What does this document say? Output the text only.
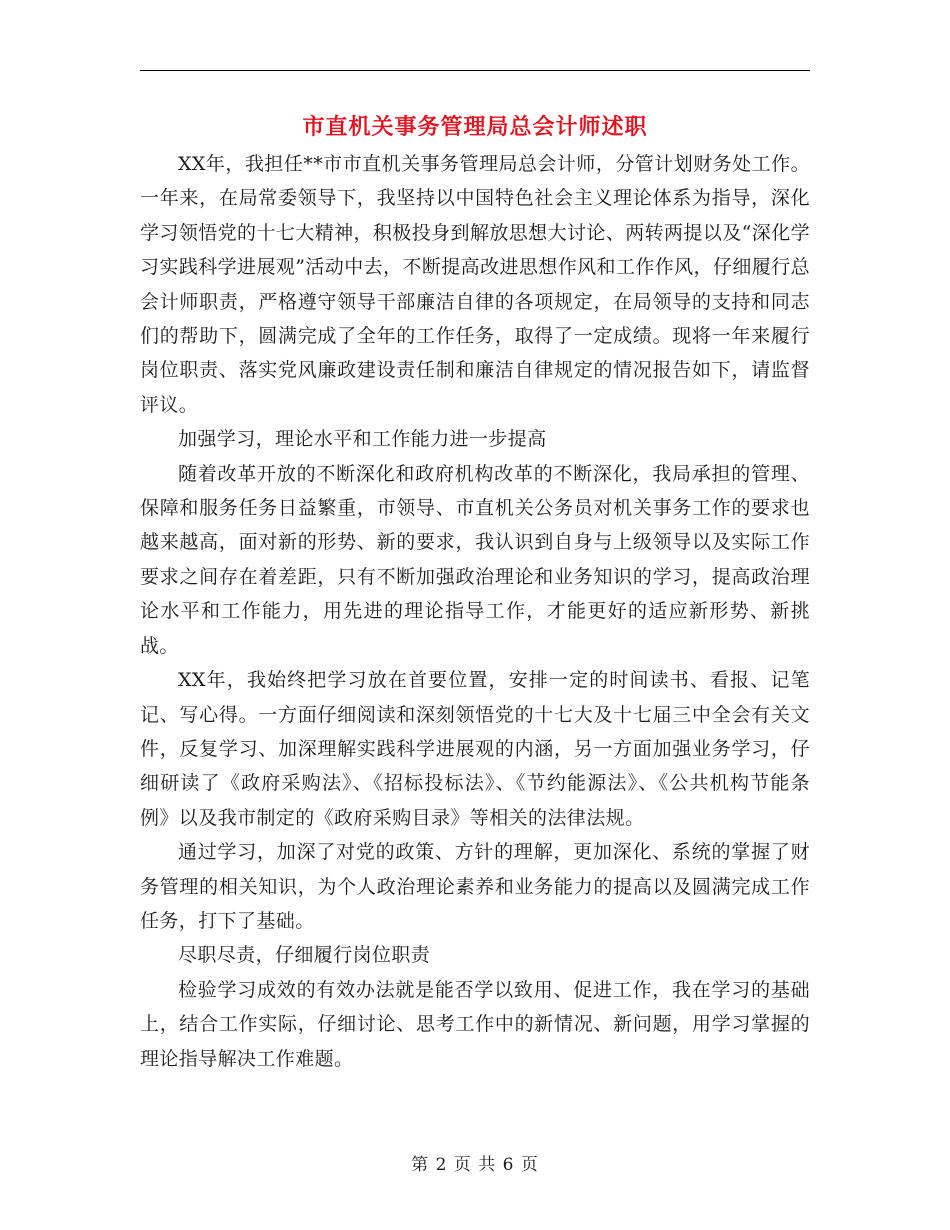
市直机关事务管理局总会计师述职

XX年，我担任**市市直机关事务管理局总会计师，分管计划财务处工作。一年来，在局常委领导下，我坚持以中国特色社会主义理论体系为指导，深化学习领悟党的十七大精神，积极投身到解放思想大讨论、两转两提以及“深化学习实践科学进展观”活动中去，不断提高改进思想作风和工作作风，仔细履行总会计师职责，严格遵守领导干部廉洁自律的各项规定，在局领导的支持和同志们的帮助下，圆满完成了全年的工作任务，取得了一定成绩。现将一年来履行岗位职责、落实党风廉政建设责任制和廉洁自律规定的情况报告如下，请监督评议。

加强学习，理论水平和工作能力进一步提高

随着改革开放的不断深化和政府机构改革的不断深化，我局承担的管理、保障和服务任务日益繁重，市领导、市直机关公务员对机关事务工作的要求也越来越高，面对新的形势、新的要求，我认识到自身与上级领导以及实际工作要求之间存在着差距，只有不断加强政治理论和业务知识的学习，提高政治理论水平和工作能力，用先进的理论指导工作，才能更好的适应新形势、新挑战。

XX年，我始终把学习放在首要位置，安排一定的时间读书、看报、记笔记、写心得。一方面仔细阅读和深刻领悟党的十七大及十七届三中全会有关文件，反复学习、加深理解实践科学进展观的内涵，另一方面加强业务学习，仔细研读了《政府采购法》、《招标投标法》、《节约能源法》、《公共机构节能条例》以及我市制定的《政府采购目录》等相关的法律法规。

通过学习，加深了对党的政策、方针的理解，更加深化、系统的掌握了财务管理的相关知识，为个人政治理论素养和业务能力的提高以及圆满完成工作任务，打下了基础。

尽职尽责，仔细履行岗位职责

检验学习成效的有效办法就是能否学以致用、促进工作，我在学习的基础上，结合工作实际，仔细讨论、思考工作中的新情况、新问题，用学习掌握的理论指导解决工作难题。

第 2 页 共 6 页
